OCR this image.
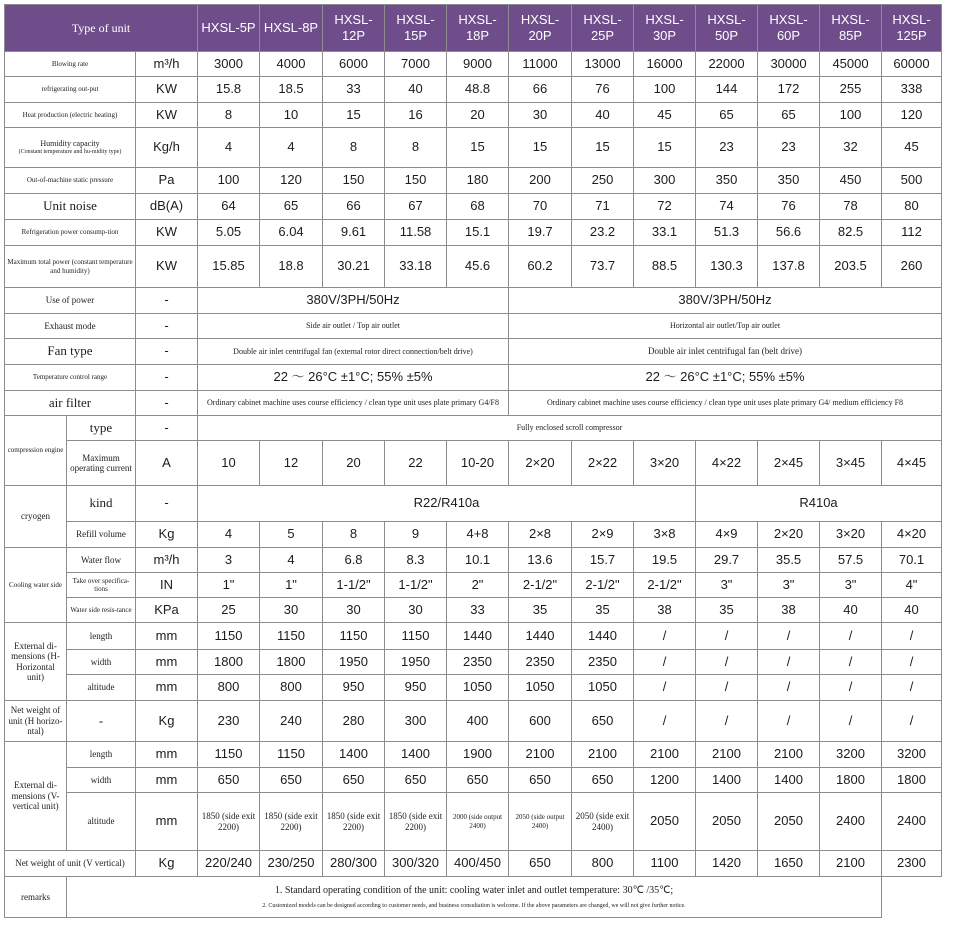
Type of unit			HXSL-5P	HXSL-8P	HXSL-12P	HXSL-15P	HXSL-18P	HXSL-20P	HXSL-25P	HXSL-30P	HXSL-50P	HXSL-60P	HXSL-85P	HXSL-125P
Blowing rate		m³/h	3000	4000	6000	7000	9000	11000	13000	16000	22000	30000	45000	60000
refrigerating out-put		KW	15.8	18.5	33	40	48.8	66	76	100	144	172	255	338
Heat production (electric heating)		KW	8	10	15	16	20	30	40	45	65	65	100	120

Humidity capacity
(Constant temperature and hu-midity type)		Kg/h	4	4	8	8	15	15	15	15	23	23	32	45
Out-of-machine static pressure		Pa	100	120	150	150	180	200	250	300	350	350	450	500
Unit noise		dB(A)	64	65	66	67	68	70	71	72	74	76	78	80
Refrigeration power consump-tion		KW	5.05	6.04	9.61	11.58	15.1	19.7	23.2	33.1	51.3	56.6	82.5	112
Maximum total power (constant temperature and humidity)		KW	15.85	18.8	30.21	33.18	45.6	60.2	73.7	88.5	130.3	137.8	203.5	260
Use of power		-	380V/3PH/50Hz					380V/3PH/50Hz						
Exhaust mode		-	Side air outlet / Top air outlet					Horizontal air outlet/Top air outlet						
Fan type		-	Double air inlet centrifugal fan (external rotor direct connection/belt drive)					Double air inlet centrifugal fan (belt drive)						
Temperature control range		-	22 ～ 26°C ±1°C; 55% ±5%					22 ～ 26°C ±1°C; 55% ±5%						
air filter		-	Ordinary cabinet machine uses course efficiency / clean type unit uses plate primary G4/F8					Ordinary cabinet machine uses course efficiency / clean type unit uses plate primary G4/ medium efficiency F8						
compression engine	type	-	Fully enclosed scroll compressor											
	Maximum operating current	A	10	12	20	22	10-20	2×20	2×22	3×20	4×22	2×45	3×45	4×45
cryogen	kind	-	R22/R410a								R410a			
	Refill volume	Kg	4	5	8	9	4+8	2×8	2×9	3×8	4×9	2×20	3×20	4×20
Cooling water side	Water flow	m³/h	3	4	6.8	8.3	10.1	13.6	15.7	19.5	29.7	35.5	57.5	70.1
	Take over specifica-tions	IN	1"	1"	1-1/2"	1-1/2"	2"	2-1/2"	2-1/2"	2-1/2"	3"	3"	3"	4"
	Water side resis-tance	KPa	25	30	30	30	33	35	35	38	35	38	40	40
External di-mensions (H-Horizontal unit)	length	mm	1150	1150	1150	1150	1440	1440	1440	/	/	/	/	/
	width	mm	1800	1800	1950	1950	2350	2350	2350	/	/	/	/	/
	altitude	mm	800	800	950	950	1050	1050	1050	/	/	/	/	/
Net weight of unit (H horizo-ntal)	-	Kg	230	240	280	300	400	600	650	/	/	/	/	/
External di-mensions (V-vertical unit)	length	mm	1150	1150	1400	1400	1900	2100	2100	2100	2100	2100	3200	3200
	width	mm	650	650	650	650	650	650	650	1200	1400	1400	1800	1800
	altitude	mm	1850 (side exit 2200)	1850 (side exit 2200)	1850 (side exit 2200)	1850 (side exit 2200)	2000 (side output 2400)	2050 (side output 2400)	2050 (side exit 2400)	2050	2050	2050	2400	2400
Net weight of unit (V vertical)		Kg	220/240	230/250	280/300	300/320	400/450	650	800	1100	1420	1650	2100	2300
remarks	1. Standard operating condition of the unit: cooling water inlet and outlet temperature: 30℃ /35℃;
2. Customized models can be designed according to customer needs, and business consultation is welcome. If the above parameters are changed, we will not give further notice.													
